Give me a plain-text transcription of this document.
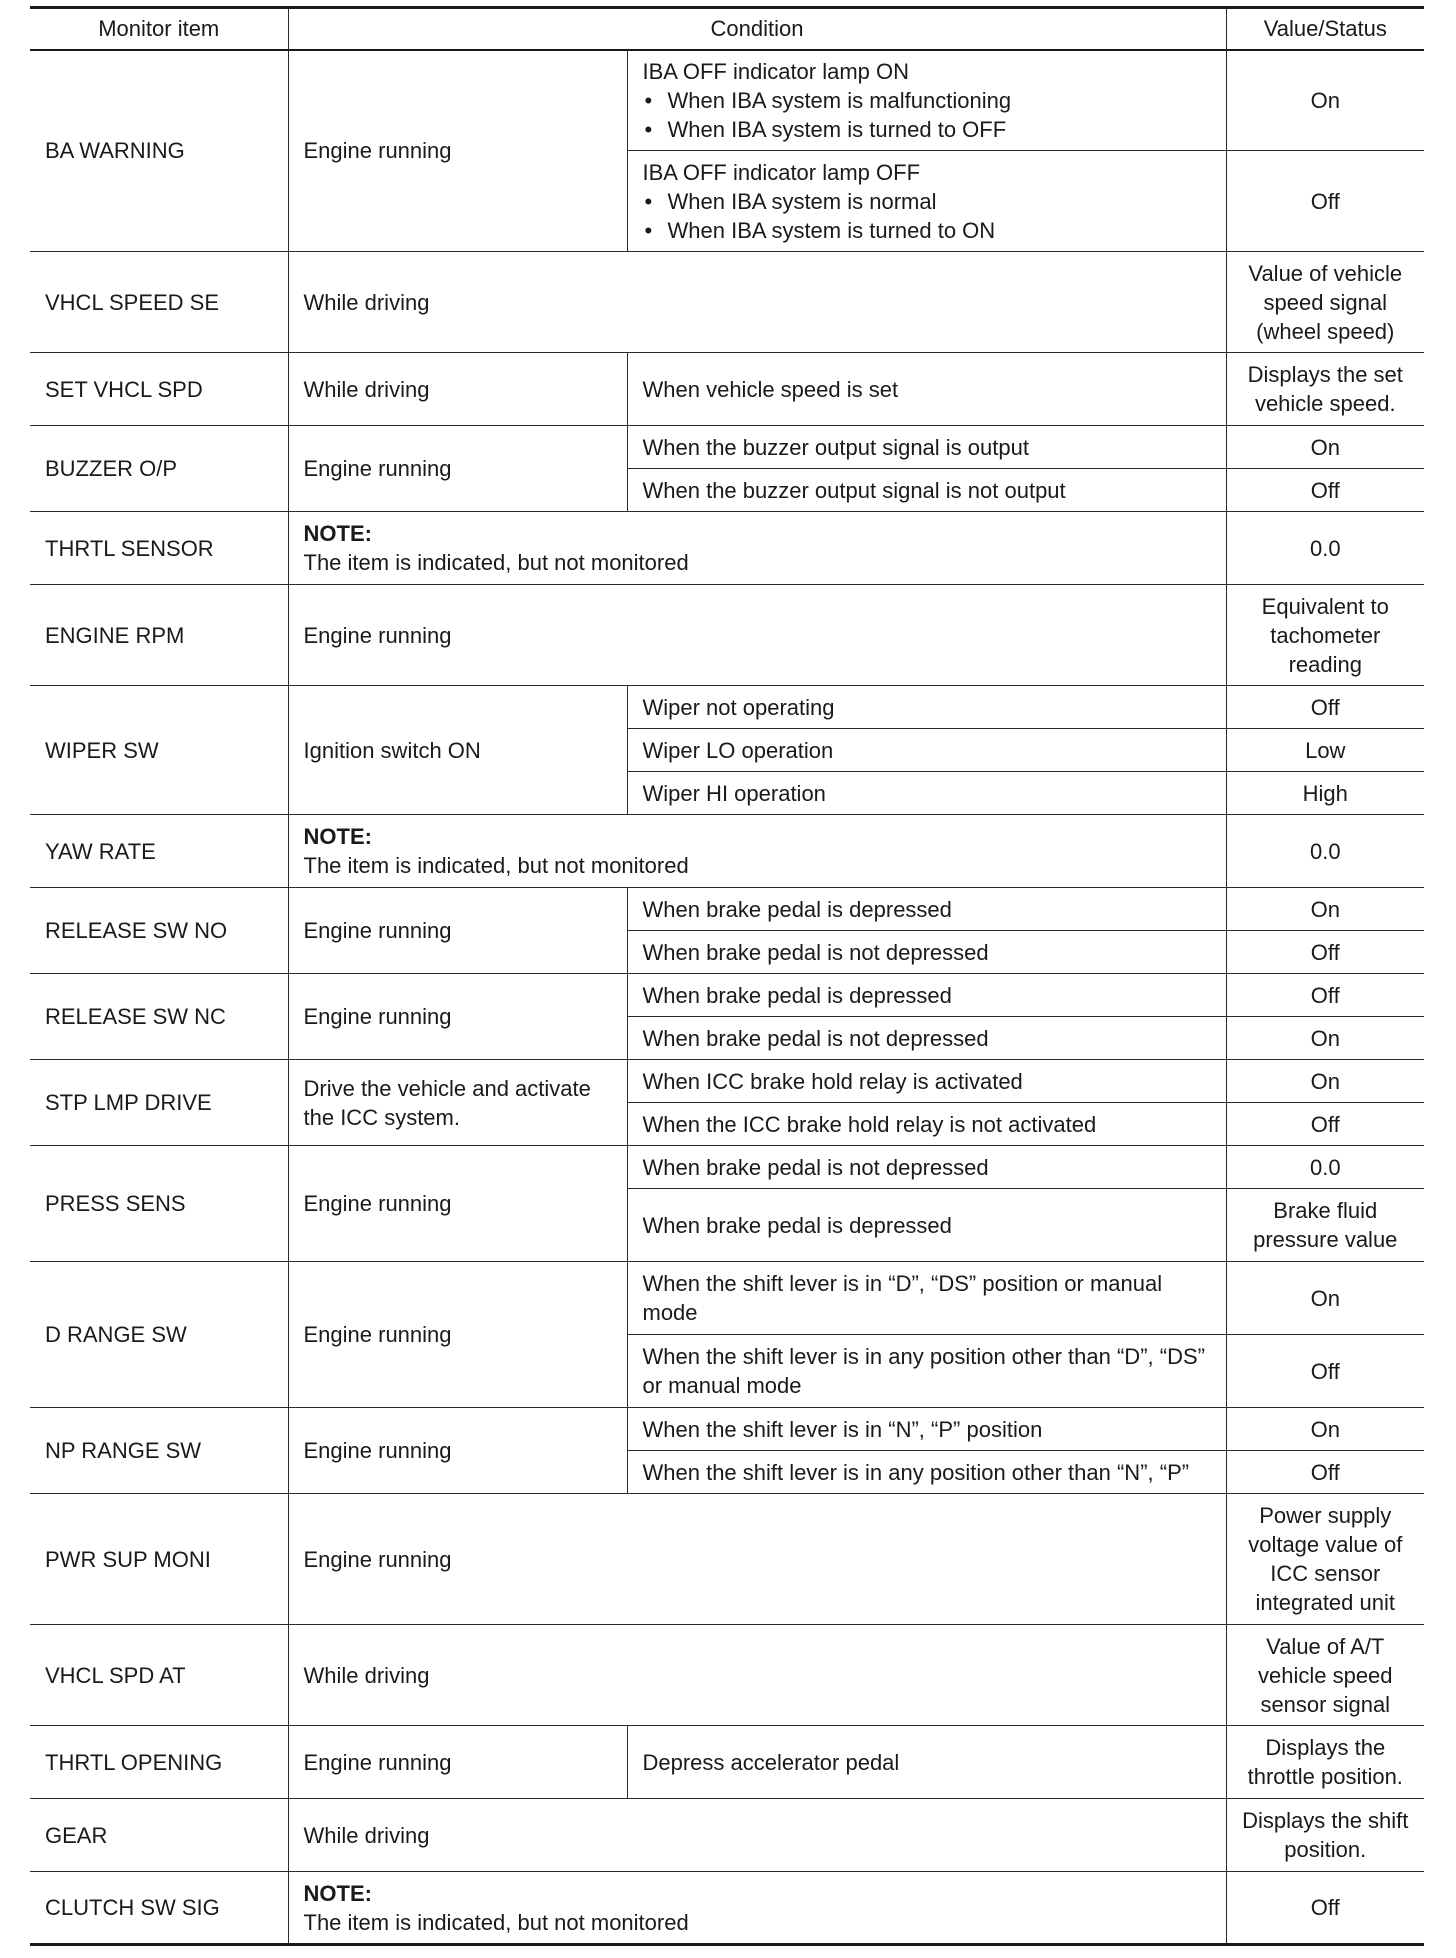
Monitor item	Condition		Value/Status
BA WARNING	Engine running	IBA OFF indicator lamp ON
• When IBA system is malfunctioning
• When IBA system is turned to OFF	On

		IBA OFF indicator lamp OFF
• When IBA system is normal
• When IBA system is turned to ON	Off
VHCL SPEED SE	While driving		Value of vehicle speed signal (wheel speed)
SET VHCL SPD	While driving	When vehicle speed is set	Displays the set vehicle speed.
BUZZER O/P	Engine running	When the buzzer output signal is output	On
		When the buzzer output signal is not output	Off
THRTL SENSOR	NOTE:
The item is indicated, but not monitored		0.0
ENGINE RPM	Engine running		Equivalent to tachometer reading
WIPER SW	Ignition switch ON	Wiper not operating	Off
		Wiper LO operation	Low
		Wiper HI operation	High
YAW RATE	NOTE:
The item is indicated, but not monitored		0.0
RELEASE SW NO	Engine running	When brake pedal is depressed	On
		When brake pedal is not depressed	Off
RELEASE SW NC	Engine running	When brake pedal is depressed	Off
		When brake pedal is not depressed	On
STP LMP DRIVE	Drive the vehicle and activate the ICC system.	When ICC brake hold relay is activated	On
		When the ICC brake hold relay is not activated	Off
PRESS SENS	Engine running	When brake pedal is not depressed	0.0
		When brake pedal is depressed	Brake fluid pressure value
D RANGE SW	Engine running	When the shift lever is in “D”, “DS” position or manual mode	On
		When the shift lever is in any position other than “D”, “DS” or manual mode	Off
NP RANGE SW	Engine running	When the shift lever is in “N”, “P” position	On
		When the shift lever is in any position other than “N”, “P”	Off
PWR SUP MONI	Engine running		Power supply voltage value of ICC sensor integrated unit
VHCL SPD AT	While driving		Value of A/T vehicle speed sensor signal
THRTL OPENING	Engine running	Depress accelerator pedal	Displays the throttle position.
GEAR	While driving		Displays the shift position.
CLUTCH SW SIG	NOTE:
The item is indicated, but not monitored		Off
